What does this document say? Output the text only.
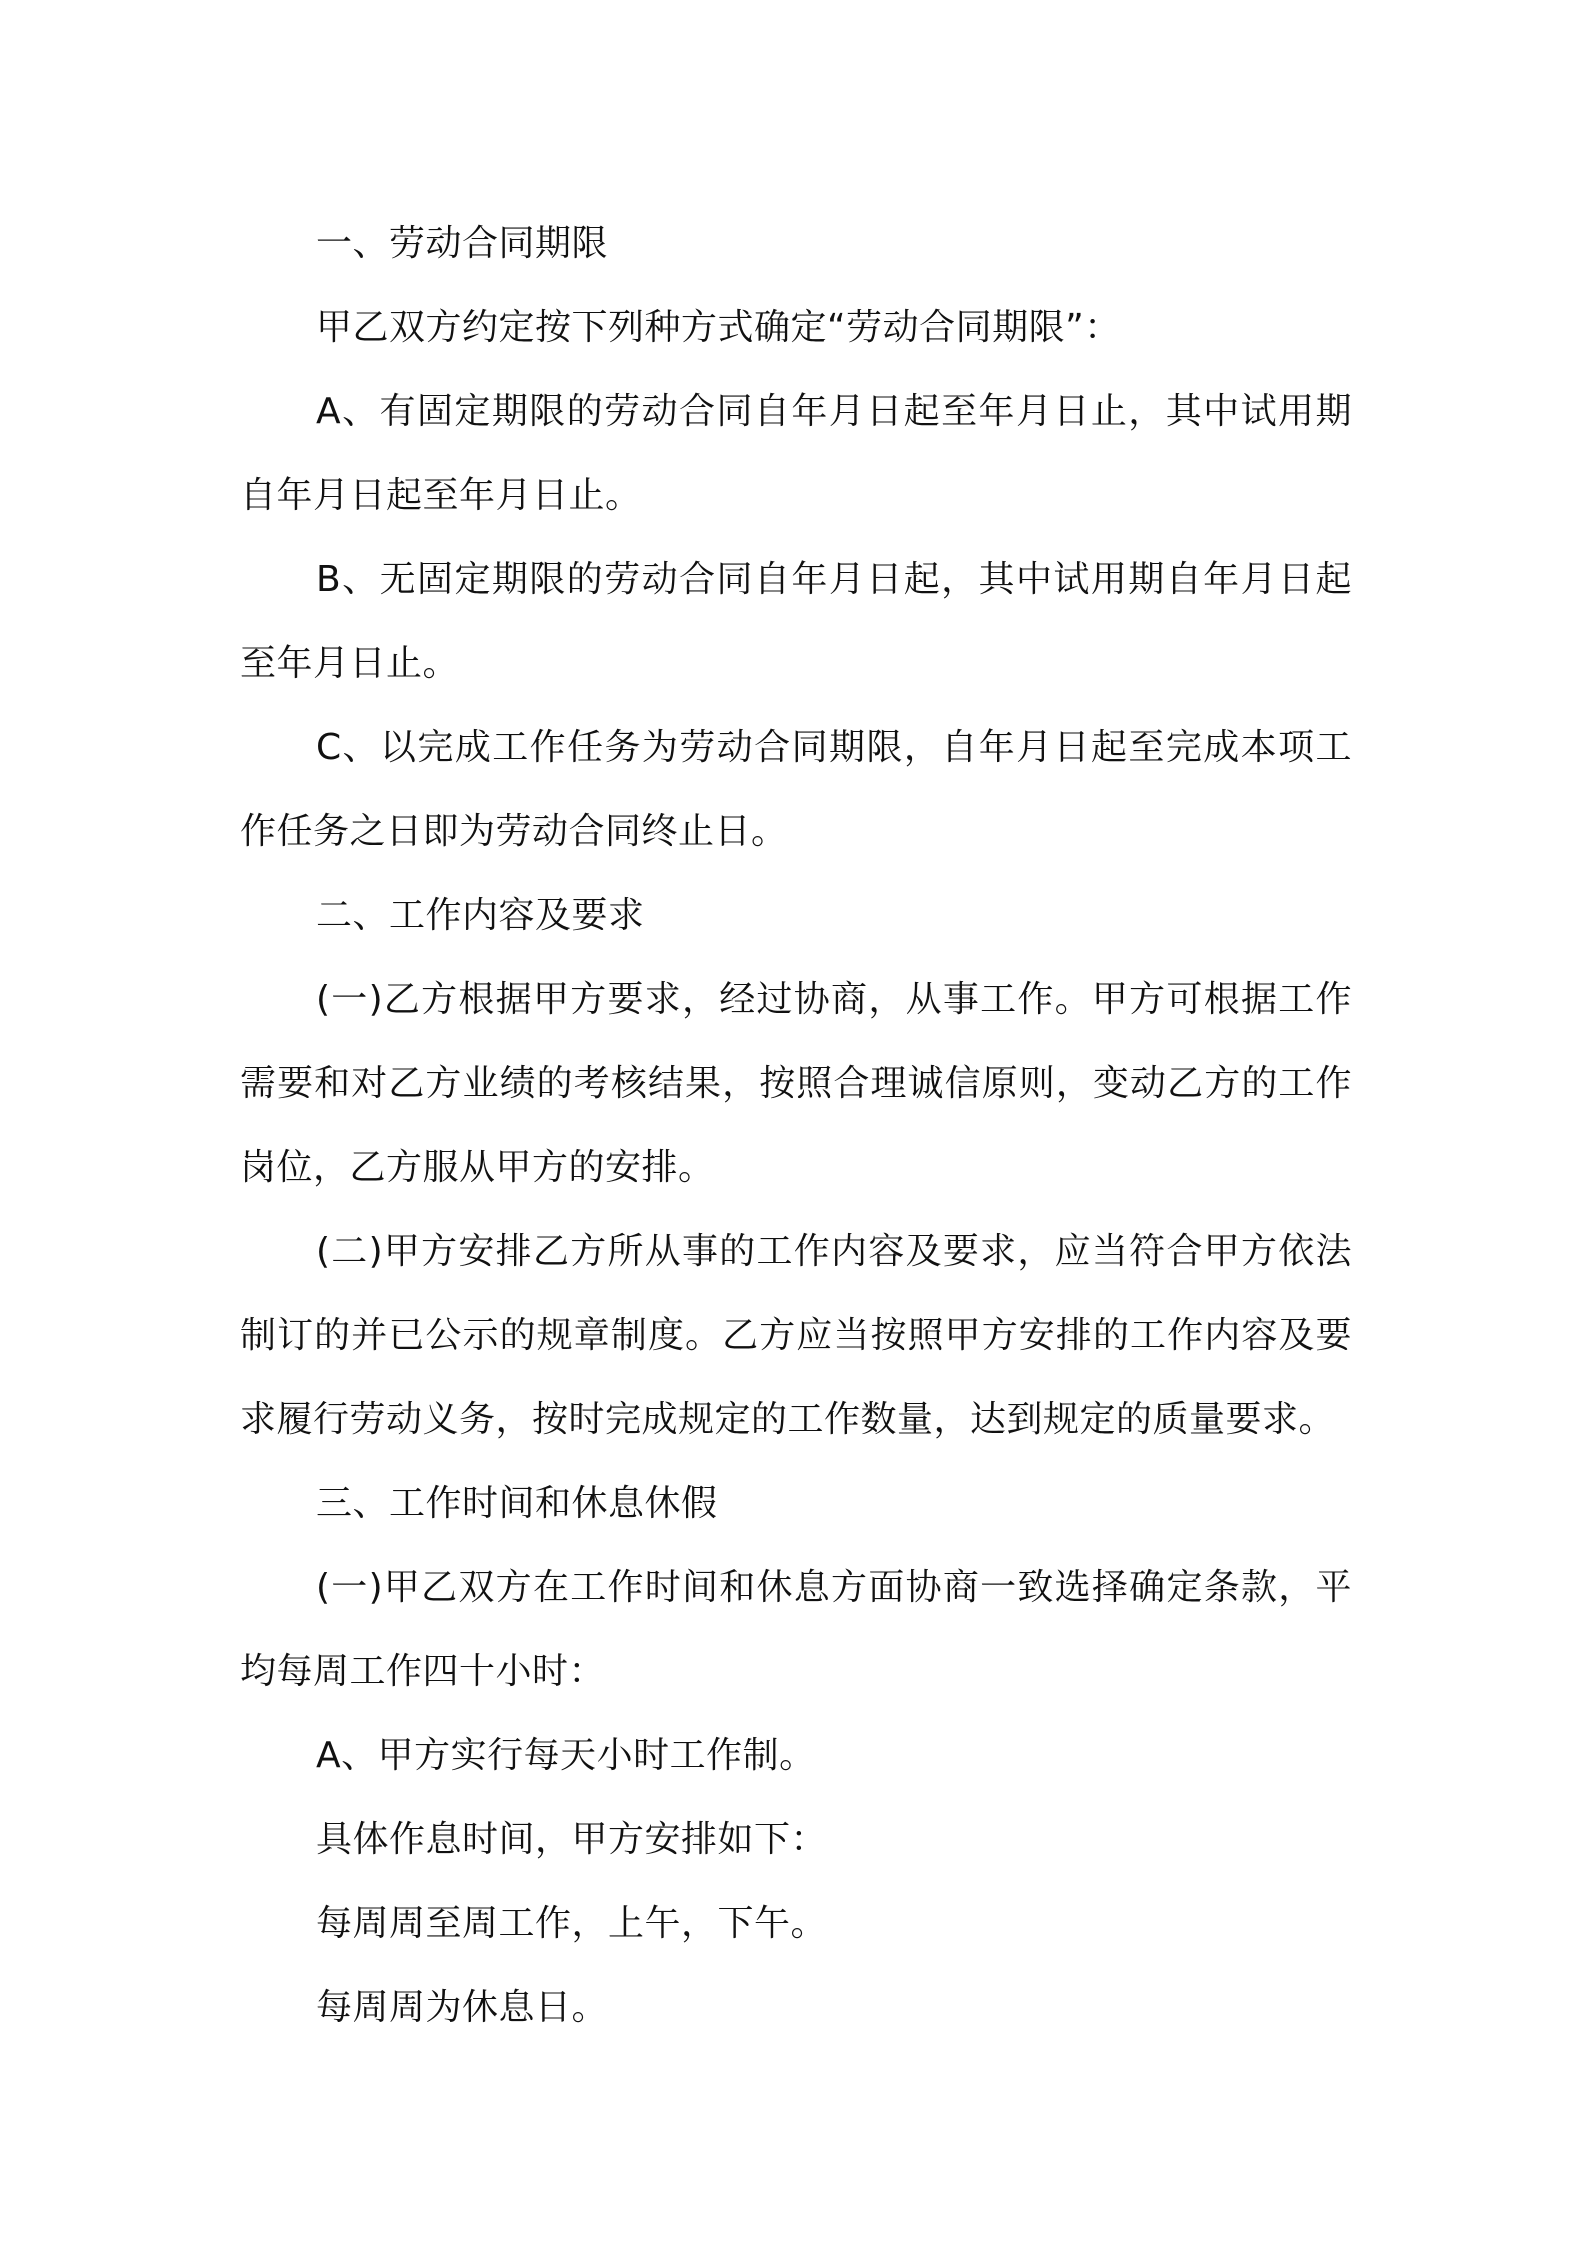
一、劳动合同期限

甲乙双方约定按下列种方式确定“劳动合同期限”：

A、有固定期限的劳动合同自年月日起至年月日止，其中试用期自年月日起至年月日止。

B、无固定期限的劳动合同自年月日起，其中试用期自年月日起至年月日止。

C、以完成工作任务为劳动合同期限，自年月日起至完成本项工作任务之日即为劳动合同终止日。

二、工作内容及要求

(一)乙方根据甲方要求，经过协商，从事工作。甲方可根据工作需要和对乙方业绩的考核结果，按照合理诚信原则，变动乙方的工作岗位，乙方服从甲方的安排。

(二)甲方安排乙方所从事的工作内容及要求，应当符合甲方依法制订的并已公示的规章制度。乙方应当按照甲方安排的工作内容及要求履行劳动义务，按时完成规定的工作数量，达到规定的质量要求。

三、工作时间和休息休假

(一)甲乙双方在工作时间和休息方面协商一致选择确定条款，平均每周工作四十小时：

A、甲方实行每天小时工作制。

具体作息时间，甲方安排如下：

每周周至周工作，上午，下午。

每周周为休息日。
